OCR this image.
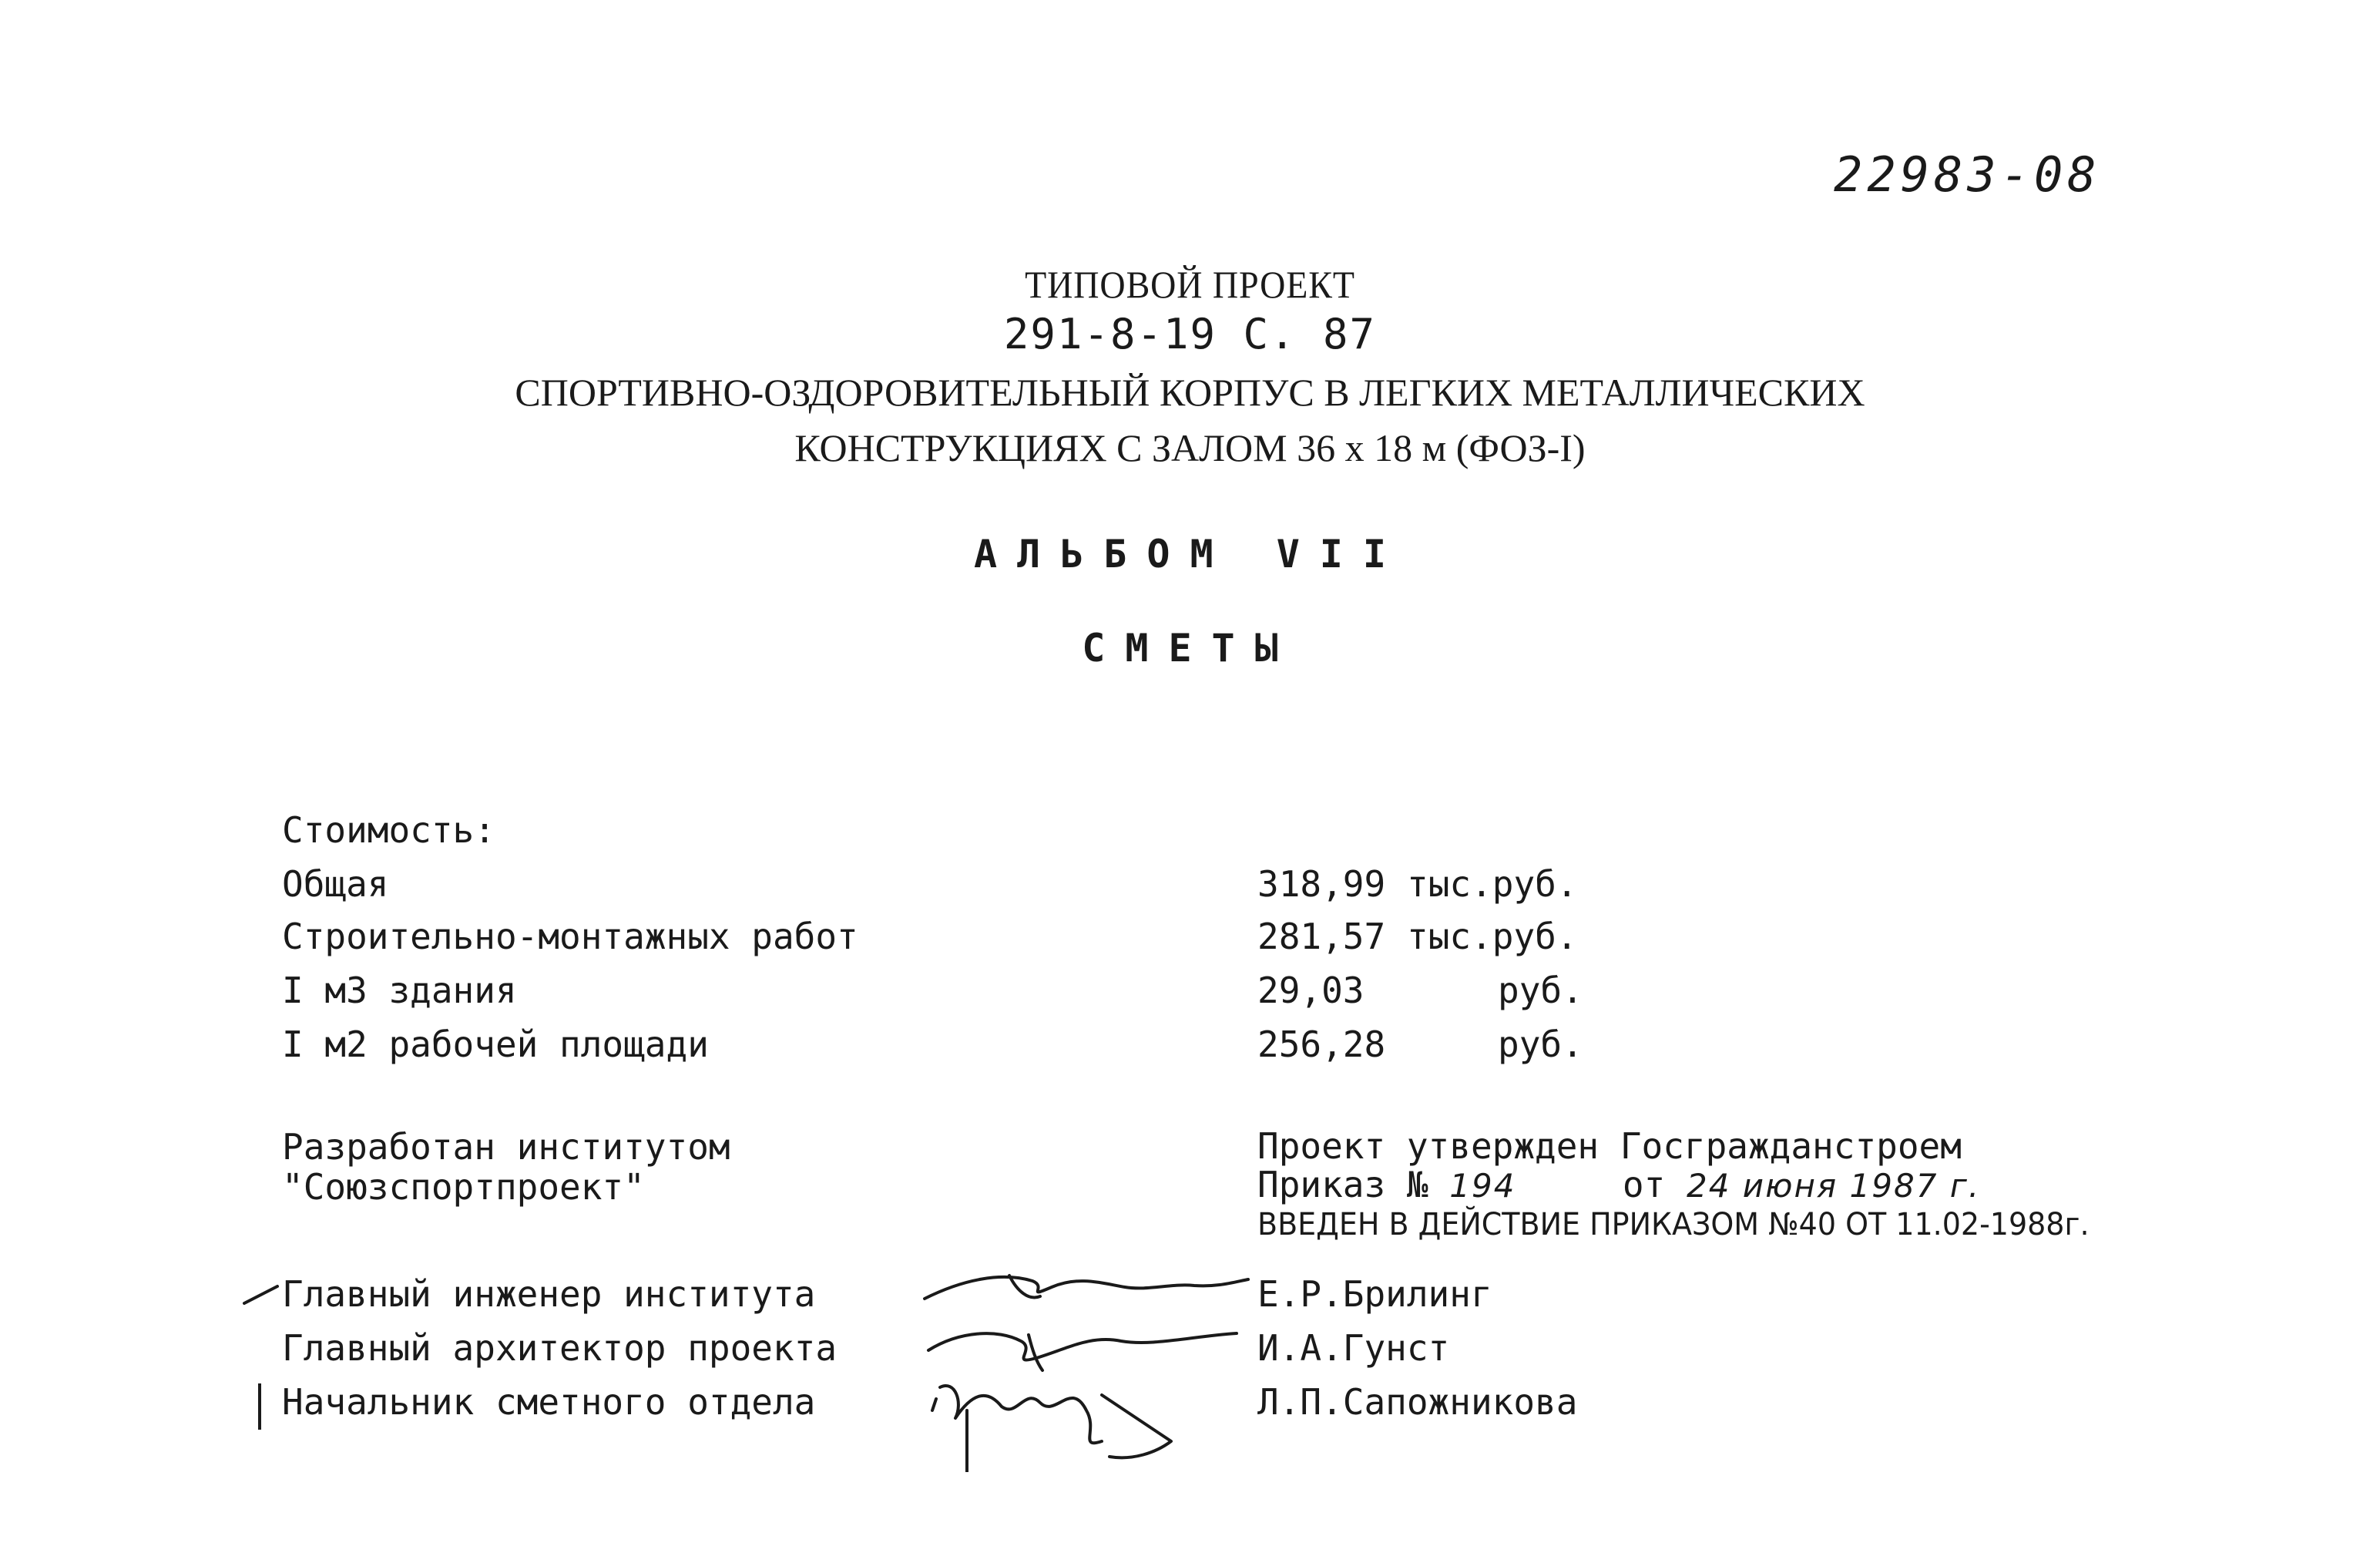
22983-08
ТИПОВОЙ ПРОЕКТ
291-8-19 С. 87
СПОРТИВНО-ОЗДОРОВИТЕЛЬНЫЙ КОРПУС В ЛЕГКИХ МЕТАЛЛИЧЕСКИХ
КОНСТРУКЦИЯХ С ЗАЛОМ 36 х 18 м (ФОЗ-I)
АЛЬБОМ VII
СМЕТЫ
Стоимость:
Общая	318,99 тыс.руб.
Строительно-монтажных работ	281,57 тыс.руб.
I м3 здания	29,03	руб.
I м2 рабочей площади	256,28	руб.
Разработан институтом
"Союзспортпроект"
Проект утвержден Госгражданстроем
Приказ № 194	от 24 июня 1987 г.
ВВЕДЕН В ДЕЙСТВИЕ ПРИКАЗОМ №40 ОТ 11.02-1988г.
Главный инженер института	Е.Р.Брилинг
Главный архитектор проекта	И.А.Гунст
Начальник сметного отдела	Л.П.Сапожникова
